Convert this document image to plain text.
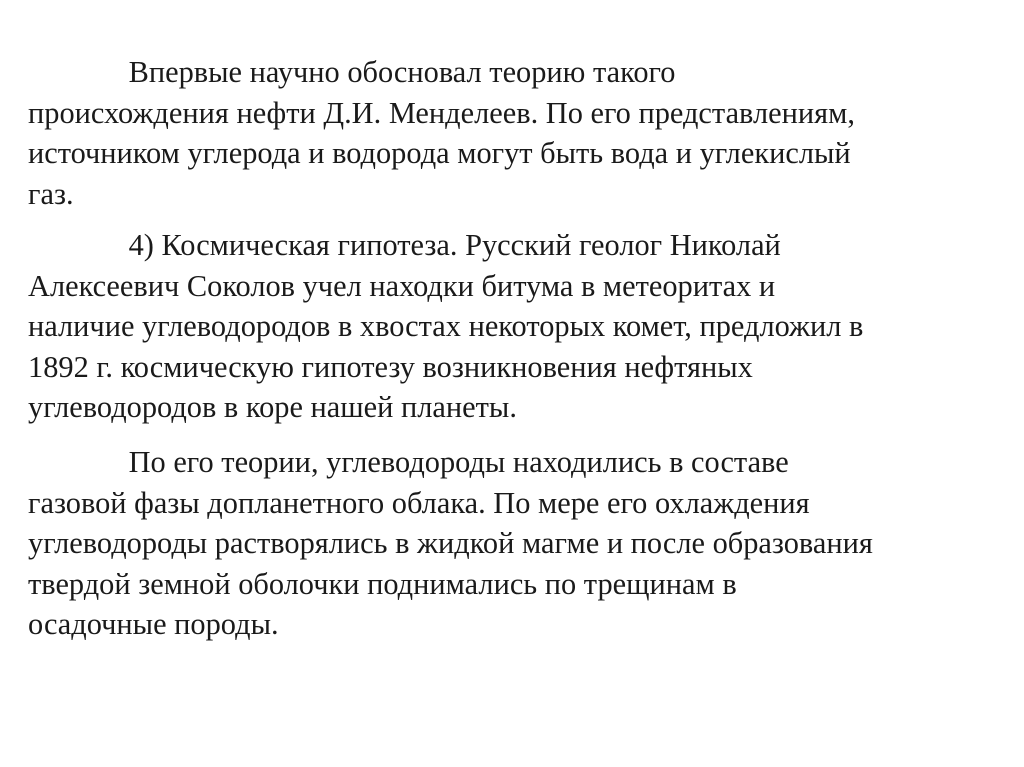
Впервые научно обосновал теорию такого
происхождения нефти Д.И. Менделеев. По его представлениям,
источником углерода и водорода могут быть вода и углекислый
газ.
4) Космическая гипотеза. Русский геолог Николай
Алексеевич Соколов учел находки битума в метеоритах и
наличие углеводородов в хвостах некоторых комет, предложил в
1892 г. космическую гипотезу возникновения нефтяных
углеводородов в коре нашей планеты.
По его теории, углеводороды находились в составе
газовой фазы допланетного облака. По мере его охлаждения
углеводороды растворялись в жидкой магме и после образования
твердой земной оболочки поднимались по трещинам в
осадочные породы.
